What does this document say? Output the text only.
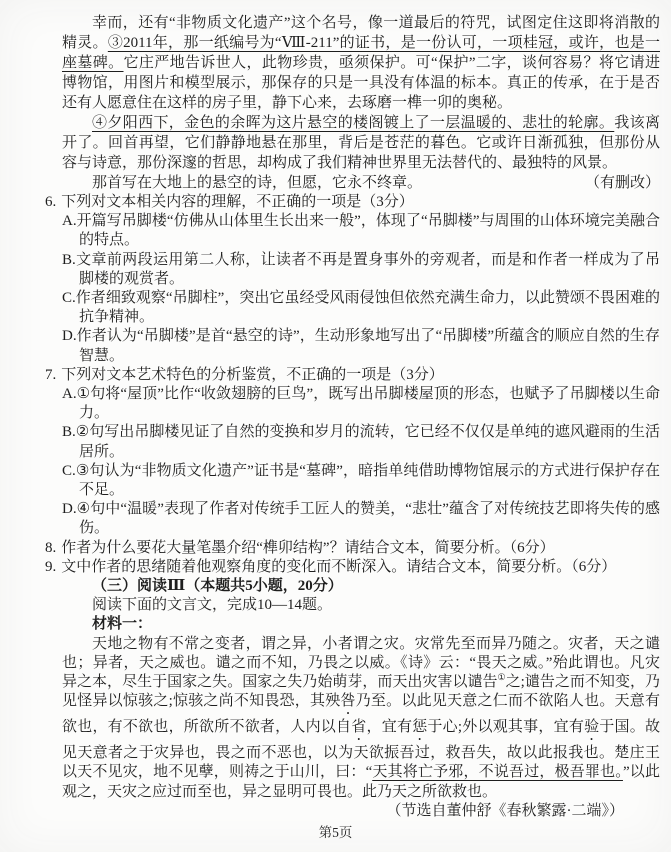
幸而，还有“非物质文化遗产”这个名号，像一道最后的符咒，试图定住这即将消散的精灵。③2011年，那一纸编号为“Ⅷ-211”的证书，是一份认可，一项桂冠，或许，也是一座墓碑。它庄严地告诉世人，此物珍贵，亟须保护。可“保护”二字，谈何容易？将它请进博物馆，用图片和模型展示，那保存的只是一具没有体温的标本。真正的传承，在于是否还有人愿意住在这样的房子里，静下心来，去琢磨一榫一卯的奥秘。

④夕阳西下，金色的余晖为这片悬空的楼阁镀上了一层温暖的、悲壮的轮廓。我该离开了。回首再望，它们静静地悬在那里，背后是苍茫的暮色。它或许日渐孤独，但那份从容与诗意，那份深邃的哲思，却构成了我们精神世界里无法替代的、最独特的风景。

（有删改）
那首写在大地上的悬空的诗，但愿，它永不终章。

6. 下列对文本相关内容的理解，不正确的一项是（3分）

A.开篇写吊脚楼“仿佛从山体里生长出来一般”，体现了“吊脚楼”与周围的山体环境完美融合的特点。

B.文章前两段运用第二人称，让读者不再是置身事外的旁观者，而是和作者一样成为了吊脚楼的观赏者。

C.作者细致观察“吊脚柱”，突出它虽经受风雨侵蚀但依然充满生命力，以此赞颂不畏困难的抗争精神。

D.作者认为“吊脚楼”是首“悬空的诗”，生动形象地写出了“吊脚楼”所蕴含的顺应自然的生存智慧。

7. 下列对文本艺术特色的分析鉴赏，不正确的一项是（3分）

A.①句将“屋顶”比作“收敛翅膀的巨鸟”，既写出吊脚楼屋顶的形态，也赋予了吊脚楼以生命力。

B.②句写出吊脚楼见证了自然的变换和岁月的流转，它已经不仅仅是单纯的遮风避雨的生活居所。

C.③句认为“非物质文化遗产”证书是“墓碑”，暗指单纯借助博物馆展示的方式进行保护存在不足。

D.④句中“温暖”表现了作者对传统手工匠人的赞美，“悲壮”蕴含了对传统技艺即将失传的感伤。

8. 作者为什么要花大量笔墨介绍“榫卯结构”？请结合文本，简要分析。（6分）

9. 文中作者的思绪随着他观察角度的变化而不断深入。请结合文本，简要分析。（6分）

（三）阅读Ⅲ（本题共5小题，20分）

阅读下面的文言文，完成10—14题。

材料一：

天地之物有不常之变者，谓之异，小者谓之灾。灾常先至而异乃随之。灾者，天之谴也；异者，天之威也。谴之而不知，乃畏之以威。《诗》云：“畏天之威。”殆此谓也。凡灾异之本，尽生于国家之失。国家之失乃始萌芽，而天出灾害以谴告①之;谴告之而不知变，乃见怪异以惊骇之;惊骇之尚不知畏恐，其殃咎乃至。以此见天意之仁而不欲陷人也。天意有欲也，有不欲也，所欲所不欲者，人内以自省，宜有惩于心;外以观其事，宜有验于国。故见天意者之于灾异也，畏之而不恶也，以为天欲振吾过，救吾失，故以此报我也。楚庄王以天不见灾，地不见孽，则祷之于山川，曰：“天其将亡予邪，不说吾过，极吾罪也。”以此观之，天灾之应过而至也，异之显明可畏也。此乃天之所欲救也。

（节选自董仲舒《春秋繁露·二端》）

第5页
